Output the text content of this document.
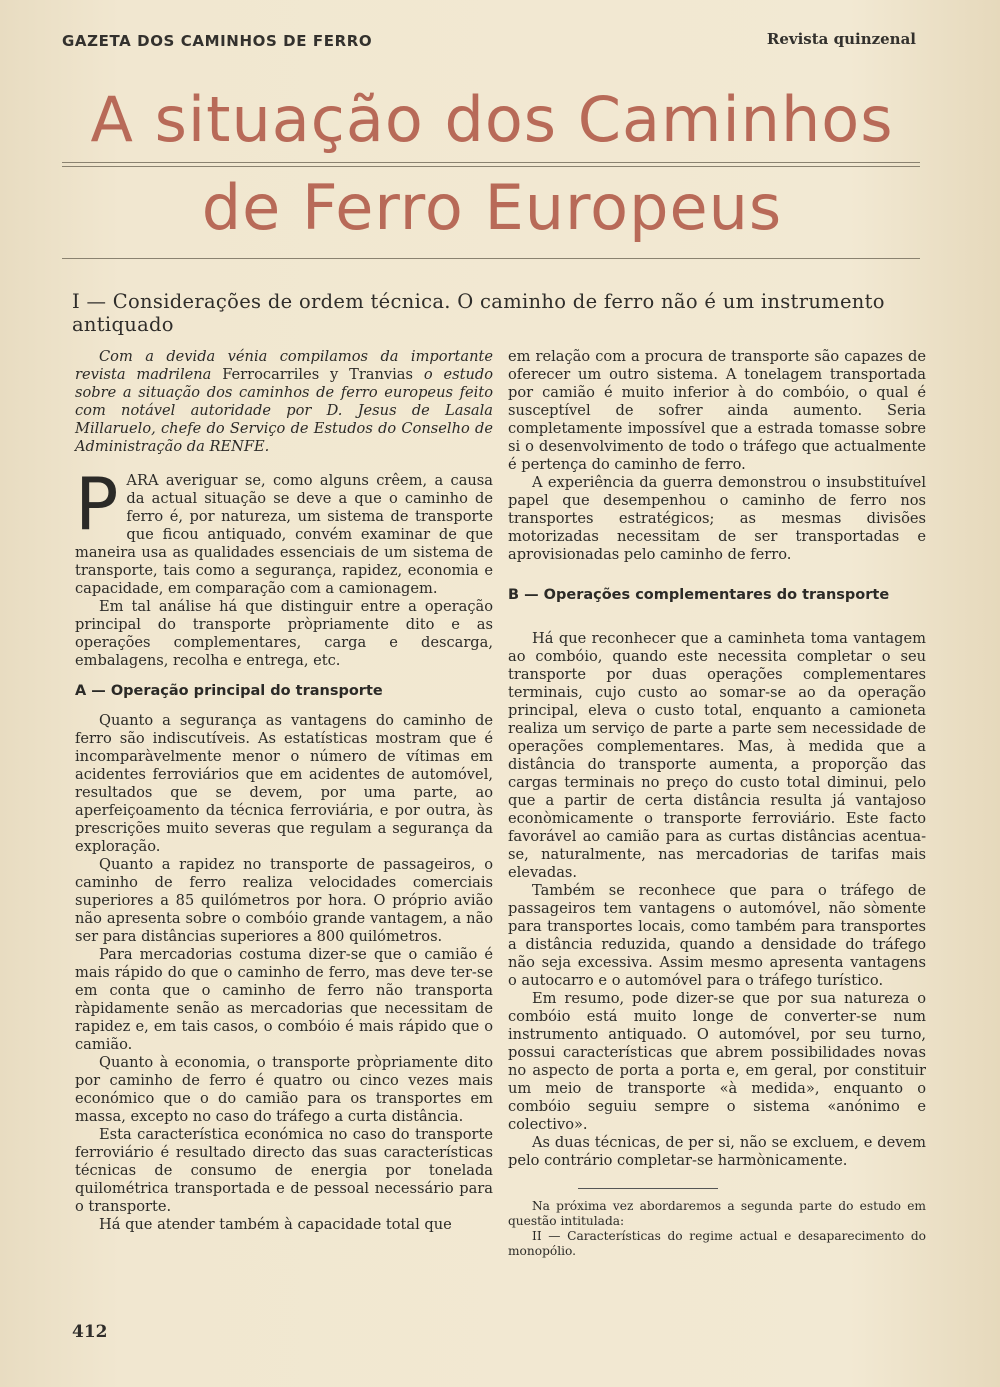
GAZETA DOS CAMINHOS DE FERRO	Revista quinzenal
A situação dos Caminhos
de Ferro Europeus
I — Considerações de ordem técnica. O caminho de ferro não é um instrumento antiquado

Com a devida vénia compilamos da importante revista madrilena Ferrocarriles y Tranvias o estudo sobre a situação dos caminhos de ferro europeus feito com notável autoridade por D. Jesus de Lasala Millaruelo, chefe do Serviço de Estudos do Conselho de Administração da RENFE.

PARA averiguar se, como alguns crêem, a causa da actual situação se deve a que o caminho de ferro é, por natureza, um sistema de transporte que ficou antiquado, convém examinar de que maneira usa as qualidades essenciais de um sistema de transporte, tais como a segurança, rapidez, economia e capacidade, em comparação com a camionagem.

Em tal análise há que distinguir entre a operação principal do transporte pròpriamente dito e as operações complementares, carga e descarga, embalagens, recolha e entrega, etc.

A — Operação principal do transporte

Quanto a segurança as vantagens do caminho de ferro são indiscutíveis. As estatísticas mostram que é incomparàvelmente menor o número de vítimas em acidentes ferroviários que em acidentes de automóvel, resultados que se devem, por uma parte, ao aperfeiçoamento da técnica ferroviária, e por outra, às prescrições muito severas que regulam a segurança da exploração.

Quanto a rapidez no transporte de passageiros, o caminho de ferro realiza velocidades comerciais superiores a 85 quilómetros por hora. O próprio avião não apresenta sobre o combóio grande vantagem, a não ser para distâncias superiores a 800 quilómetros.

Para mercadorias costuma dizer-se que o camião é mais rápido do que o caminho de ferro, mas deve ter-se em conta que o caminho de ferro não transporta ràpidamente senão as mercadorias que necessitam de rapidez e, em tais casos, o combóio é mais rápido que o camião.

Quanto à economia, o transporte pròpriamente dito por caminho de ferro é quatro ou cinco vezes mais económico que o do camião para os transportes em massa, excepto no caso do tráfego a curta distância.

Esta característica económica no caso do transporte ferroviário é resultado directo das suas características técnicas de consumo de energia por tonelada quilométrica transportada e de pessoal necessário para o transporte.

Há que atender também à capacidade total que

em relação com a procura de transporte são capazes de oferecer um outro sistema. A tonelagem transportada por camião é muito inferior à do combóio, o qual é susceptível de sofrer ainda aumento. Seria completamente impossível que a estrada tomasse sobre si o desenvolvimento de todo o tráfego que actualmente é pertença do caminho de ferro.

A experiência da guerra demonstrou o insubstituível papel que desempenhou o caminho de ferro nos transportes estratégicos; as mesmas divisões motorizadas necessitam de ser transportadas e aprovisionadas pelo caminho de ferro.

B — Operações complementares do transporte

Há que reconhecer que a caminheta toma vantagem ao combóio, quando este necessita completar o seu transporte por duas operações complementares terminais, cujo custo ao somar-se ao da operação principal, eleva o custo total, enquanto a camioneta realiza um serviço de parte a parte sem necessidade de operações complementares. Mas, à medida que a distância do transporte aumenta, a proporção das cargas terminais no preço do custo total diminui, pelo que a partir de certa distância resulta já vantajoso econòmicamente o transporte ferroviário. Este facto favorável ao camião para as curtas distâncias acentua-se, naturalmente, nas mercadorias de tarifas mais elevadas.

Também se reconhece que para o tráfego de passageiros tem vantagens o automóvel, não sòmente para transportes locais, como também para transportes a distância reduzida, quando a densidade do tráfego não seja excessiva. Assim mesmo apresenta vantagens o autocarro e o automóvel para o tráfego turístico.

Em resumo, pode dizer-se que por sua natureza o combóio está muito longe de converter-se num instrumento antiquado. O automóvel, por seu turno, possui características que abrem possibilidades novas no aspecto de porta a porta e, em geral, por constituir um meio de transporte «à medida», enquanto o combóio seguiu sempre o sistema «anónimo e colectivo».

As duas técnicas, de per si, não se excluem, e devem pelo contrário completar-se harmònicamente.

Na próxima vez abordaremos a segunda parte do estudo em questão intitulada:

II — Características do regime actual e desaparecimento do monopólio.

412
